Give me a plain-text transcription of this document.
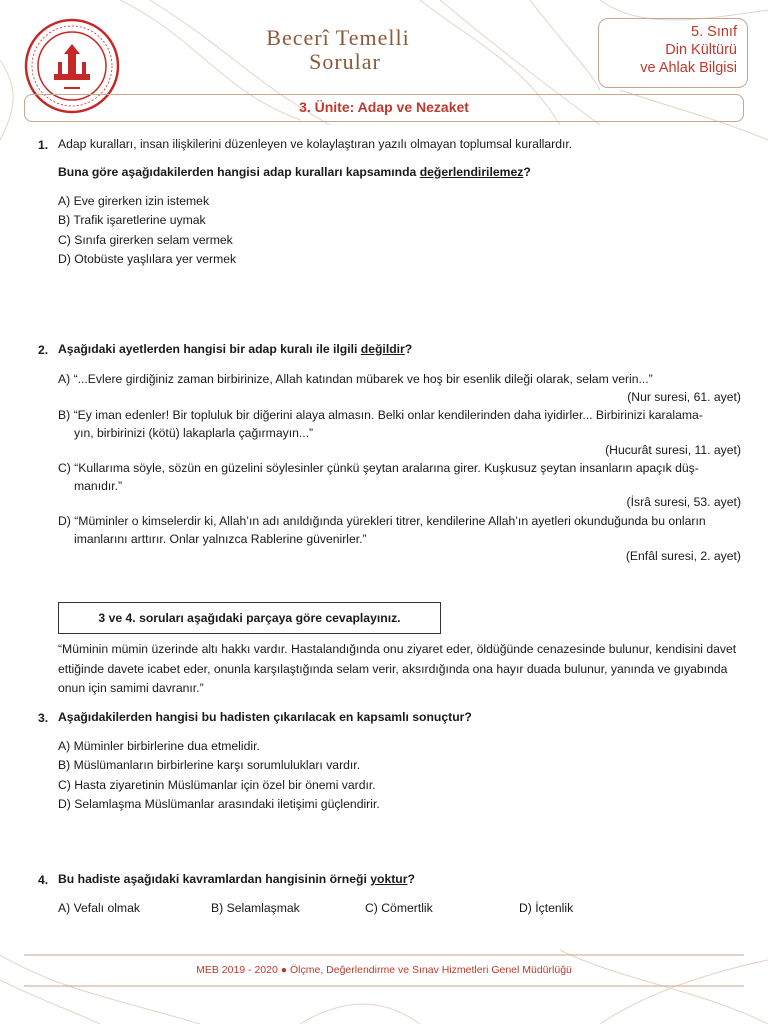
Becerî Temelli
Sorular
5. Sınıf
Din Kültürü
ve Ahlak Bilgisi
3. Ünite: Adap ve Nezaket
1. Adap kuralları, insan ilişkilerini düzenleyen ve kolaylaştıran yazılı olmayan toplumsal kurallardır.
Buna göre aşağıdakilerden hangisi adap kuralları kapsamında değerlendirilemez?
A) Eve girerken izin istemek
B) Trafik işaretlerine uymak
C) Sınıfa girerken selam vermek
D) Otobüste yaşlılara yer vermek
2. Aşağıdaki ayetlerden hangisi bir adap kuralı ile ilgili değildir?
A) “...Evlere girdiğiniz zaman birbirinize, Allah katından mübarek ve hoş bir esenlik dileği olarak, selam verin...”
(Nur suresi, 61. ayet)
B) “Ey iman edenler! Bir topluluk bir diğerini alaya almasın. Belki onlar kendilerinden daha iyidirler... Birbirinizi karalama-
yın, birbirinizi (kötü) lakaplarla çağırmayın...”
(Hucurât suresi, 11. ayet)
C) “Kullarıma söyle, sözün en güzelini söylesinler çünkü şeytan aralarına girer. Kuşkusuz şeytan insanların apaçık düş-
manıdır.”
(İsrâ suresi, 53. ayet)
D) “Müminler o kimselerdir ki, Allah’ın adı anıldığında yürekleri titrer, kendilerine Allah’ın ayetleri okunduğunda bu onların
imanlarını arttırır. Onlar yalnızca Rablerine güvenirler.”
(Enfâl suresi, 2. ayet)
3 ve 4. soruları aşağıdaki parçaya göre cevaplayınız.
“Müminin mümin üzerinde altı hakkı vardır. Hastalandığında onu ziyaret eder, öldüğünde cenazesinde bulunur, kendisini davet ettiğinde davete icabet eder, onunla karşılaştığında selam verir, aksırdığında ona hayır duada bulunur, yanında ve gıyabında onun için samimi davranır.”
3. Aşağıdakilerden hangisi bu hadisten çıkarılacak en kapsamlı sonuçtur?
A) Müminler birbirlerine dua etmelidir.
B) Müslümanların birbirlerine karşı sorumlulukları vardır.
C) Hasta ziyaretinin Müslümanlar için özel bir önemi vardır.
D) Selamlaşma Müslümanlar arasındaki iletişimi güçlendirir.
4. Bu hadiste aşağıdaki kavramlardan hangisinin örneği yoktur?
A) Vefalı olmak	B) Selamlaşmak	C) Cömertlik	D) İçtenlik
MEB 2019 - 2020 ● Ölçme, Değerlendirme ve Sınav Hizmetleri Genel Müdürlüğü
